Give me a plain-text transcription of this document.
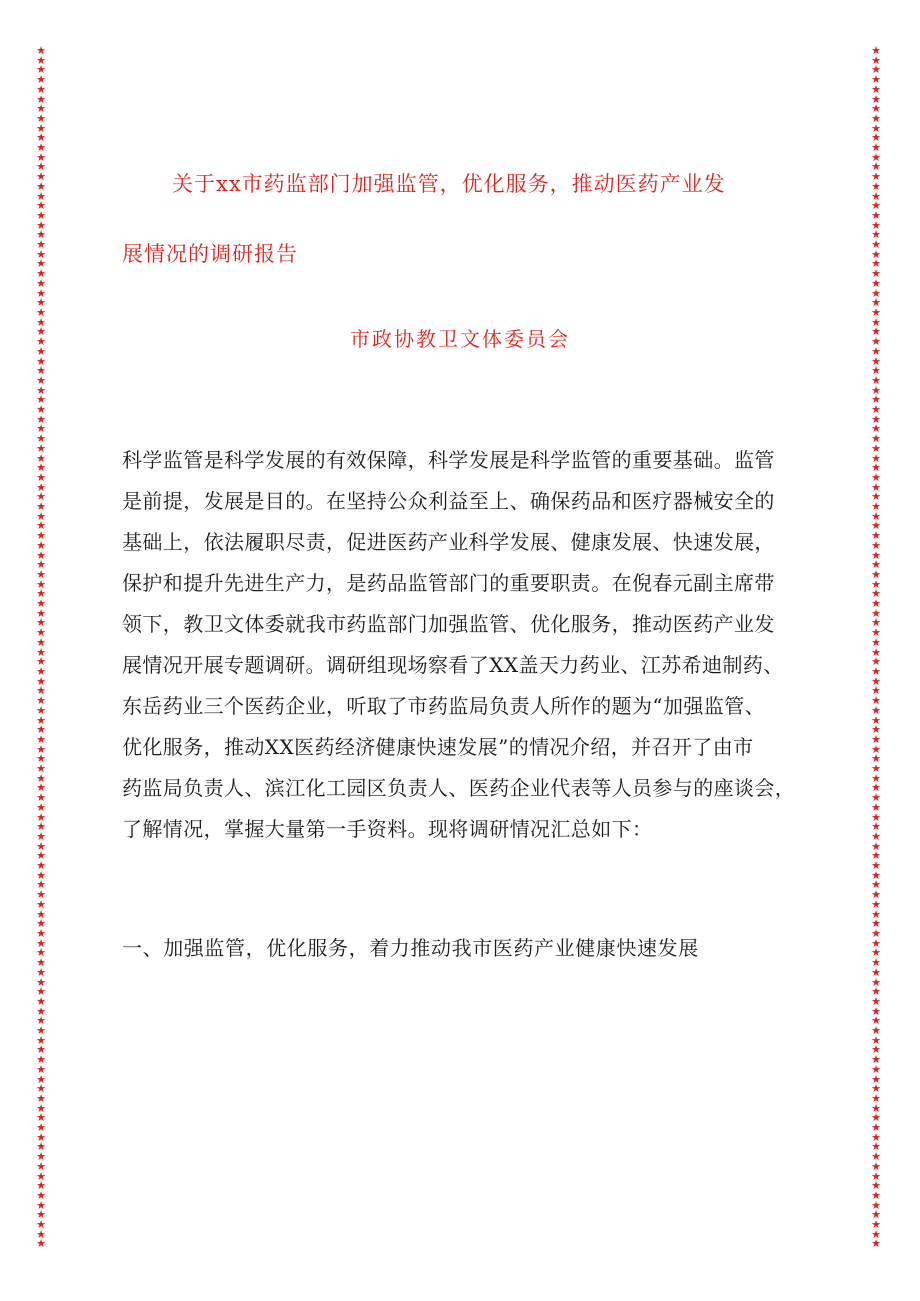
★
★
★
★
★
★
★
★
★
★
★
★
★
★
★
★
★
★
★
★
★
★
★
★
★
★
★
★
★
★
★
★
★
★
★
★
★
★
★
★
★
★
★
★
★
★
★
★
★
★
★
★
★
★
★
★
★
★
★
★
★
★
★
★
★
★
★
★
★
★
★
★
★
★
★
★
★
★
★
★
★
★
★
★
★
★
★
★
★
★
★
★
★
★
★
★
★
★
★
★
★
★
★
★
★
★
★
★
★
★
★
★
★
★
★
★
★
★
★
★
★
★
★
★
★
★
★
★
★
★
★
★
★
★
★
★
★
★
★
★
★
★
★
★
★
★
★
★
★
★
★
★
★
★
★
★
★
★
★
★
★
★
★
★
★
★
★
★
★
★
★
★
★
★
★
★
★
★
★
★
★
★
★
★
★
★
★
★
★
★
★
★
★
★
★
★
★
★
★
★
★
★
★
★
★
★
★
★
★
★
★
★
★
★
★
★
★
★
★
★
★
★
★
★
★
★
★
★
★
★
★
★
★
★
★
★
★
★
★
★
★
★
★
★
★
★
★
★
关于xx市药监部门加强监管，优化服务，推动医药产业发
展情况的调研报告
市政协教卫文体委员会
科学监管是科学发展的有效保障，科学发展是科学监管的重要基础。监管
是前提，发展是目的。在坚持公众利益至上、确保药品和医疗器械安全的
基础上，依法履职尽责，促进医药产业科学发展、健康发展、快速发展，
保护和提升先进生产力，是药品监管部门的重要职责。在倪春元副主席带
领下，教卫文体委就我市药监部门加强监管、优化服务，推动医药产业发
展情况开展专题调研。调研组现场察看了XX盖天力药业、江苏希迪制药、
东岳药业三个医药企业，听取了市药监局负责人所作的题为“加强监管、
优化服务，推动XX医药经济健康快速发展”的情况介绍，并召开了由市
药监局负责人、滨江化工园区负责人、医药企业代表等人员参与的座谈会，
了解情况，掌握大量第一手资料。现将调研情况汇总如下：
一、加强监管，优化服务，着力推动我市医药产业健康快速发展
